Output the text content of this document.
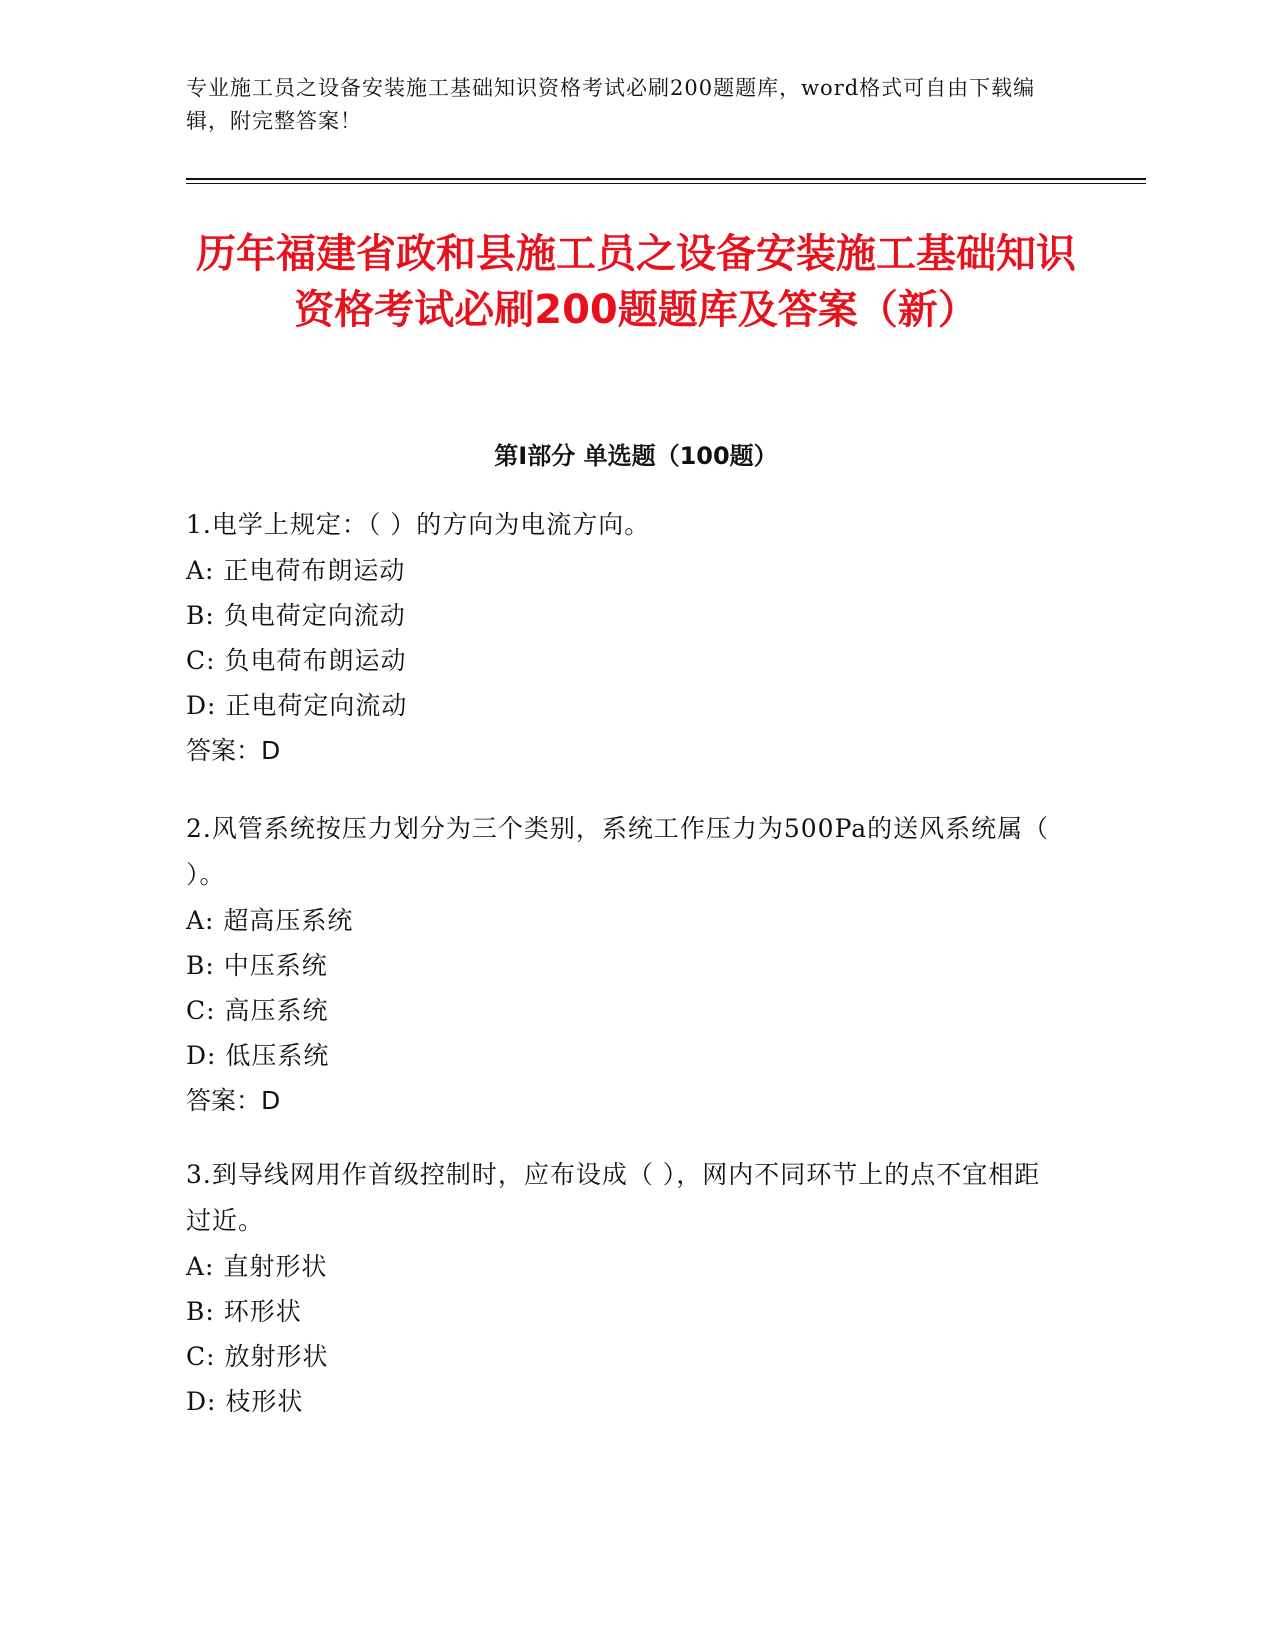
专业施工员之设备安装施工基础知识资格考试必刷200题题库，word格式可自由下载编辑，附完整答案！
历年福建省政和县施工员之设备安装施工基础知识资格考试必刷200题题库及答案（新）
第I部分 单选题（100题）
1.电学上规定：（ ）的方向为电流方向。
A: 正电荷布朗运动
B: 负电荷定向流动
C: 负电荷布朗运动
D: 正电荷定向流动
答案：D
2.风管系统按压力划分为三个类别，系统工作压力为500Pa的送风系统属（ ）。
A: 超高压系统
B: 中压系统
C: 高压系统
D: 低压系统
答案：D
3.到导线网用作首级控制时，应布设成（ ），网内不同环节上的点不宜相距过近。
A: 直射形状
B: 环形状
C: 放射形状
D: 枝形状
